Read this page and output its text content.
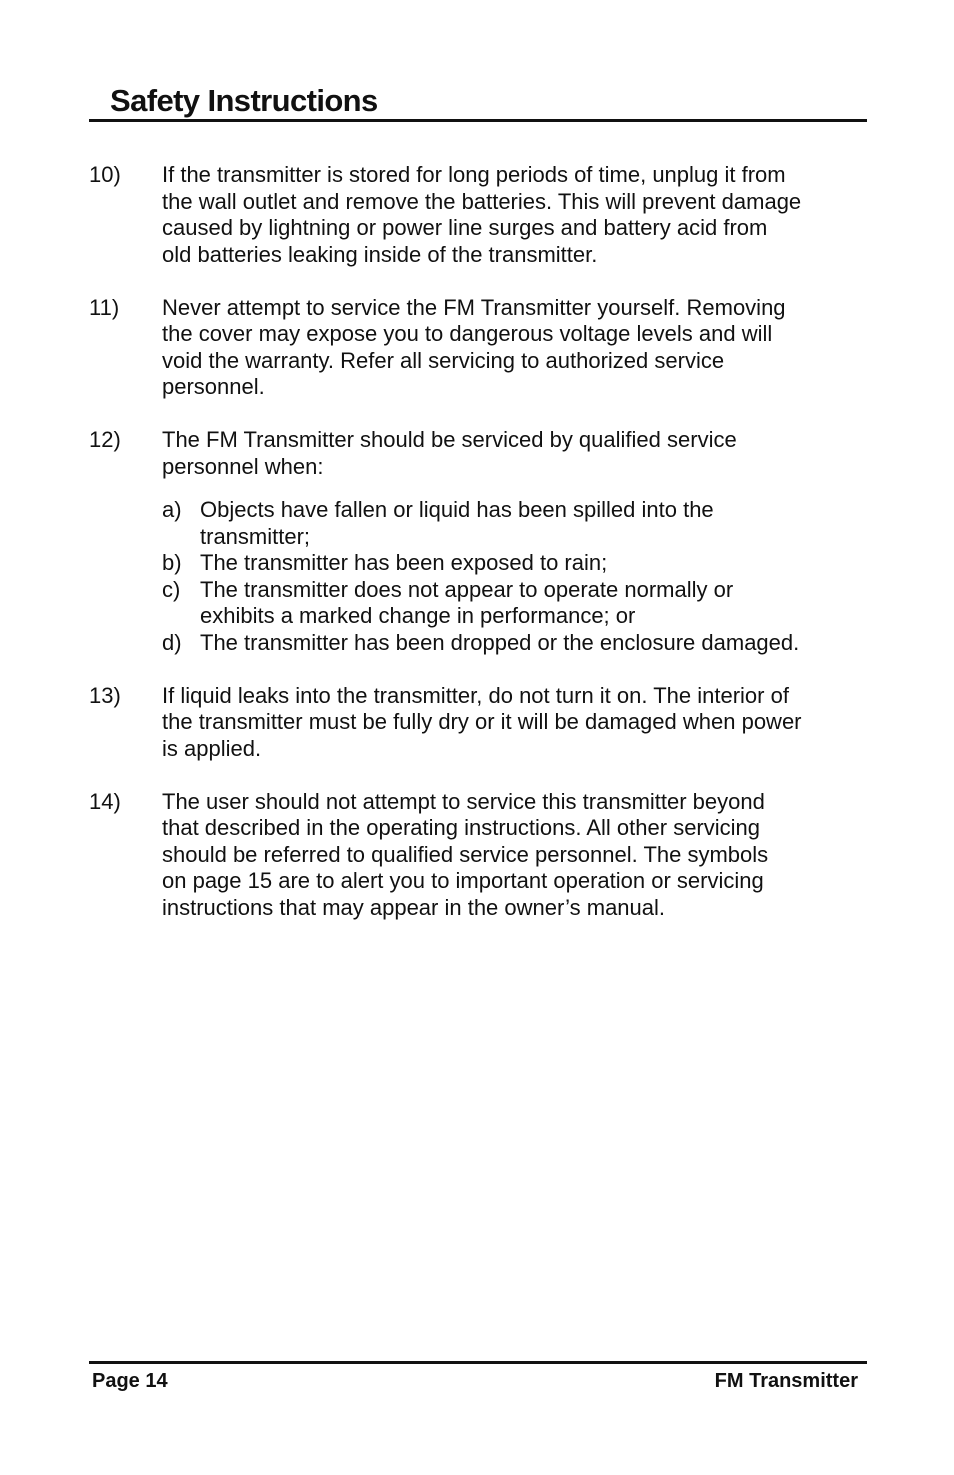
Safety Instructions
10) If the transmitter is stored for long periods of time, unplug it from
the wall outlet and remove the batteries. This will prevent damage
caused by lightning or power line surges and battery acid from
old batteries leaking inside of the transmitter.
11) Never attempt to service the FM Transmitter yourself. Removing
the cover may expose you to dangerous voltage levels and will
void the warranty. Refer all servicing to authorized service
personnel.
12) The FM Transmitter should be serviced by qualified service
personnel when:
a) Objects have fallen or liquid has been spilled into the
transmitter;
b) The transmitter has been exposed to rain;
c) The transmitter does not appear to operate normally or
exhibits a marked change in performance; or
d) The transmitter has been dropped or the enclosure damaged.
13) If liquid leaks into the transmitter, do not turn it on. The interior of
the transmitter must be fully dry or it will be damaged when power
is applied.
14) The user should not attempt to service this transmitter beyond
that described in the operating instructions. All other servicing
should be referred to qualified service personnel. The symbols
on page 15 are to alert you to important operation or servicing
instructions that may appear in the owner’s manual.
Page 14	FM Transmitter
